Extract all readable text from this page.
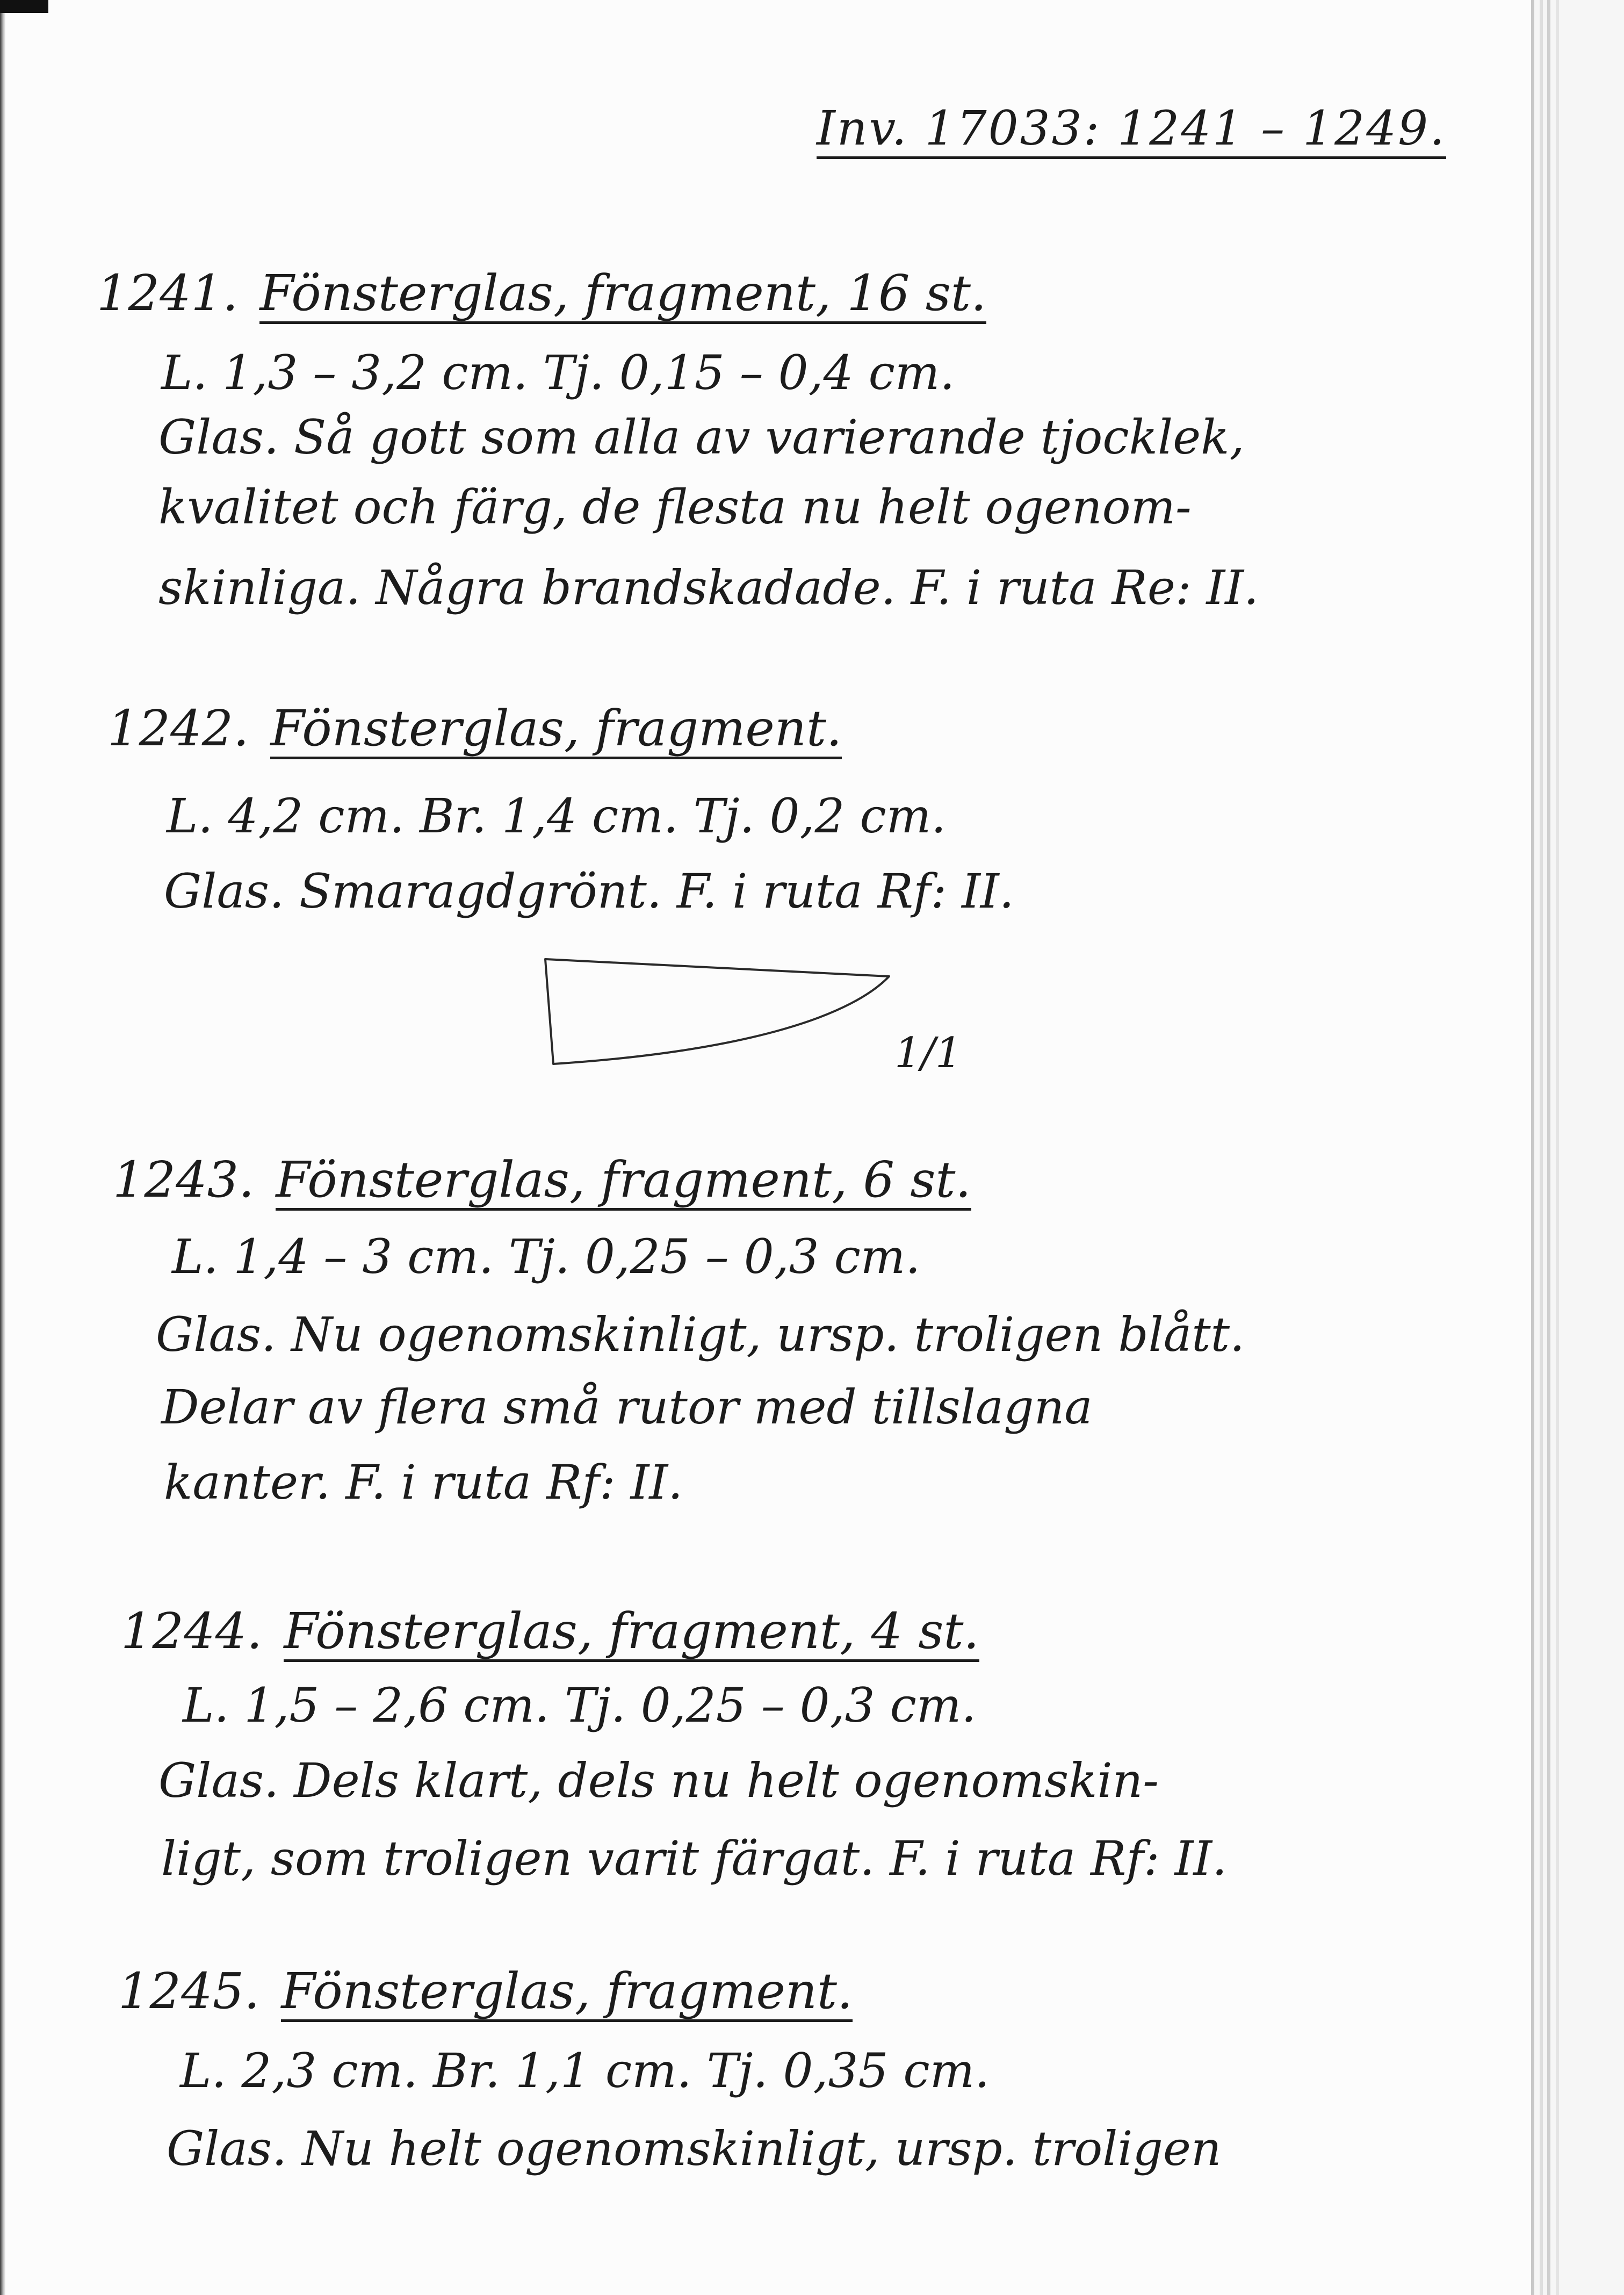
Inv. 17033: 1241 – 1249.
1241. Fönsterglas, fragment, 16 st.
L. 1,3 – 3,2 cm. Tj. 0,15 – 0,4 cm.
Glas. Så gott som alla av varierande tjocklek,
kvalitet och färg, de flesta nu helt ogenom-
skinliga. Några brandskadade. F. i ruta Re: II.
1242. Fönsterglas, fragment.
L. 4,2 cm. Br. 1,4 cm. Tj. 0,2 cm.
Glas. Smaragdgrönt. F. i ruta Rf: II.
1/1
1243. Fönsterglas, fragment, 6 st.
L. 1,4 – 3 cm. Tj. 0,25 – 0,3 cm.
Glas. Nu ogenomskinligt, ursp. troligen blått.
Delar av flera små rutor med tillslagna
kanter. F. i ruta Rf: II.
1244. Fönsterglas, fragment, 4 st.
L. 1,5 – 2,6 cm. Tj. 0,25 – 0,3 cm.
Glas. Dels klart, dels nu helt ogenomskin-
ligt, som troligen varit färgat. F. i ruta Rf: II.
1245. Fönsterglas, fragment.
L. 2,3 cm. Br. 1,1 cm. Tj. 0,35 cm.
Glas. Nu helt ogenomskinligt, ursp. troligen
